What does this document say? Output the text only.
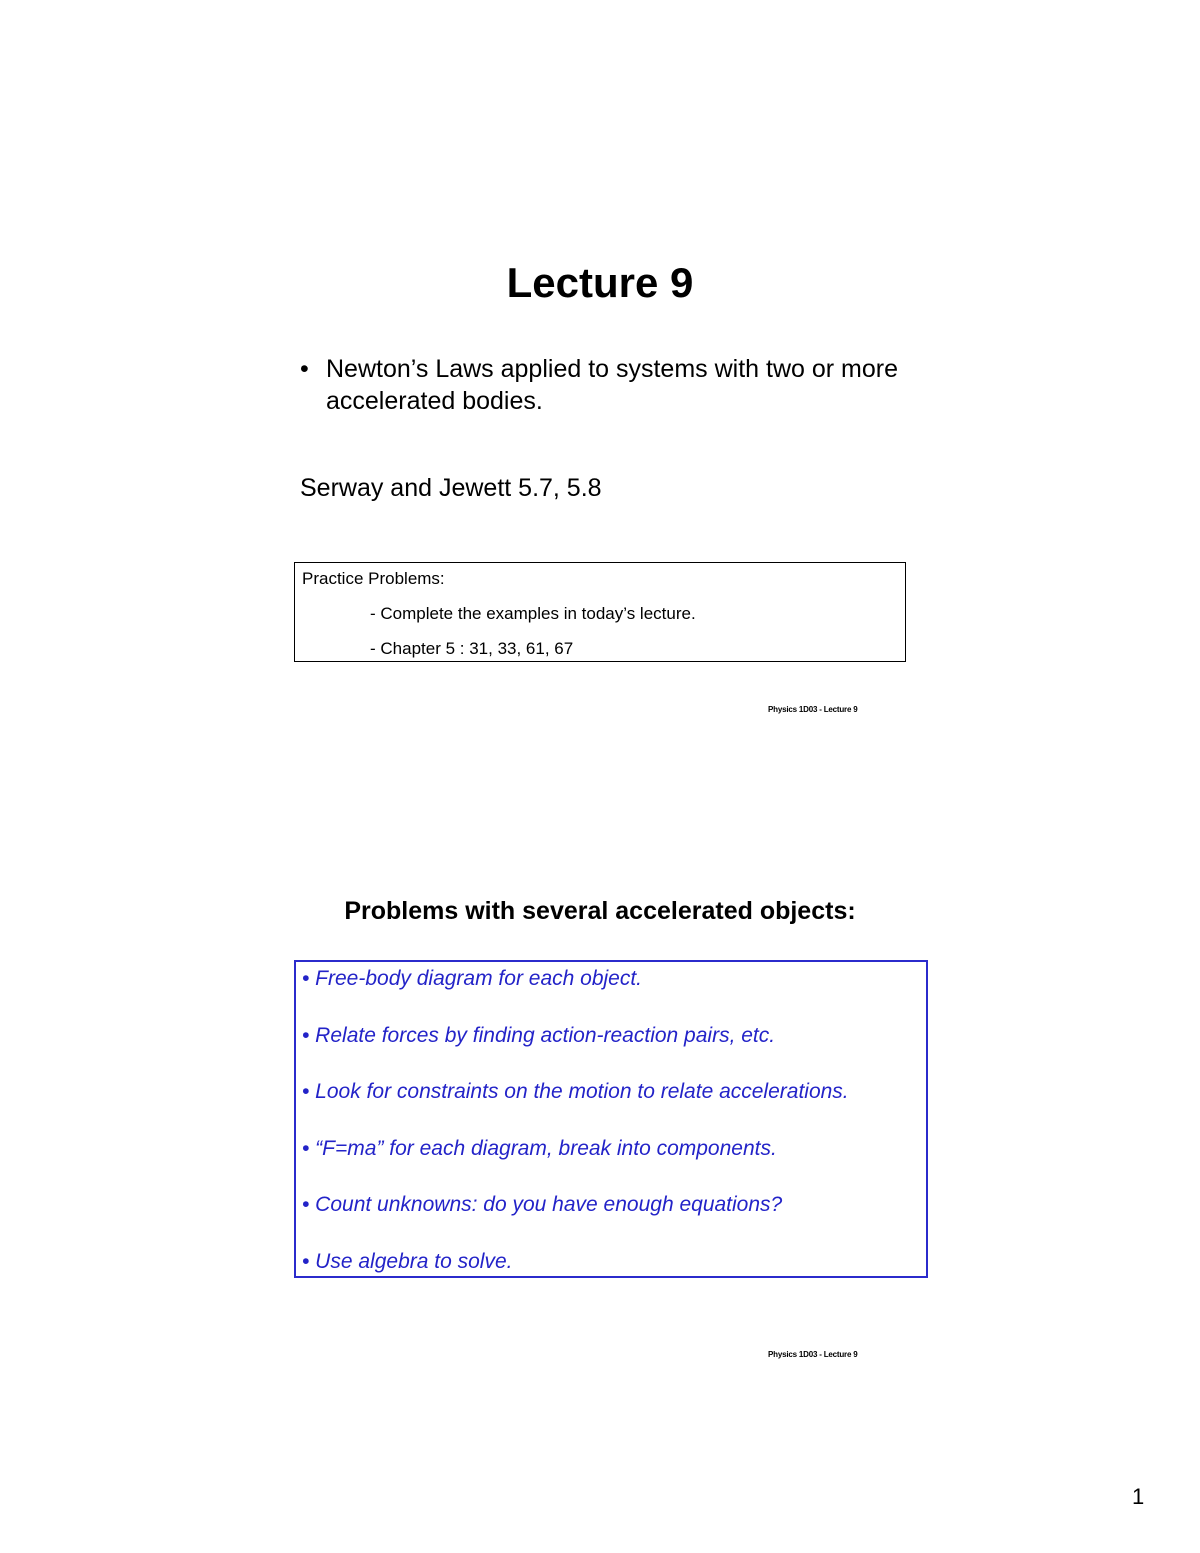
Lecture 9
• Newton’s Laws applied to systems with two or more accelerated bodies.
Serway and Jewett 5.7, 5.8
Practice Problems:
- Complete the examples in today’s lecture.
- Chapter 5 : 31, 33, 61, 67
Physics 1D03 - Lecture 9
Problems with several accelerated objects:
• Free-body diagram for each object.
• Relate forces by finding action-reaction pairs, etc.
• Look for constraints on the motion to relate accelerations.
• “F=ma” for each diagram, break into components.
• Count unknowns: do you have enough equations?
• Use algebra to solve.
Physics 1D03 - Lecture 9
1
